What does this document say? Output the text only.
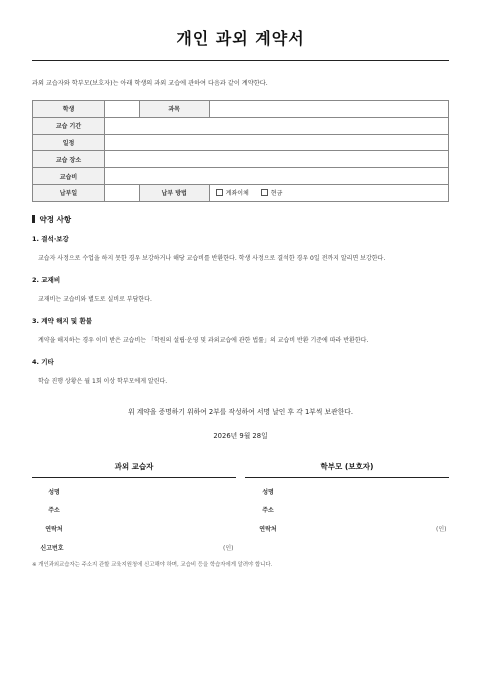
개인 과외 계약서
과외 교습자와 학부모(보호자)는 아래 학생의 과외 교습에 관하여 다음과 같이 계약한다.
학생		과목	
교습 기간			
일정			
교습 장소			
교습비			
납부일		납부 방법	계좌이체 현금
약정 사항
1. 결석·보강
교습자 사정으로 수업을 하지 못한 경우 보강하거나 해당 교습비를 반환한다. 학생 사정으로 결석한 경우 0일 전까지 알리면 보강한다.
2. 교재비
교재비는 교습비와 별도로 실비로 부담한다.
3. 계약 해지 및 환불
계약을 해지하는 경우 이미 받은 교습비는 「학원의 설립·운영 및 과외교습에 관한 법률」의 교습비 반환 기준에 따라 반환한다.
4. 기타
학습 진행 상황은 월 1회 이상 학부모에게 알린다.
위 계약을 증명하기 위하여 2부를 작성하여 서명 날인 후 각 1부씩 보관한다.
2026년 9월 28일
과외 교습자
성명
주소
연락처
신고번호	(인)
학부모 (보호자)
성명
주소
연락처	(인)
※ 개인과외교습자는 주소지 관할 교육지원청에 신고해야 하며, 교습비 등을 학습자에게 알려야 합니다.
